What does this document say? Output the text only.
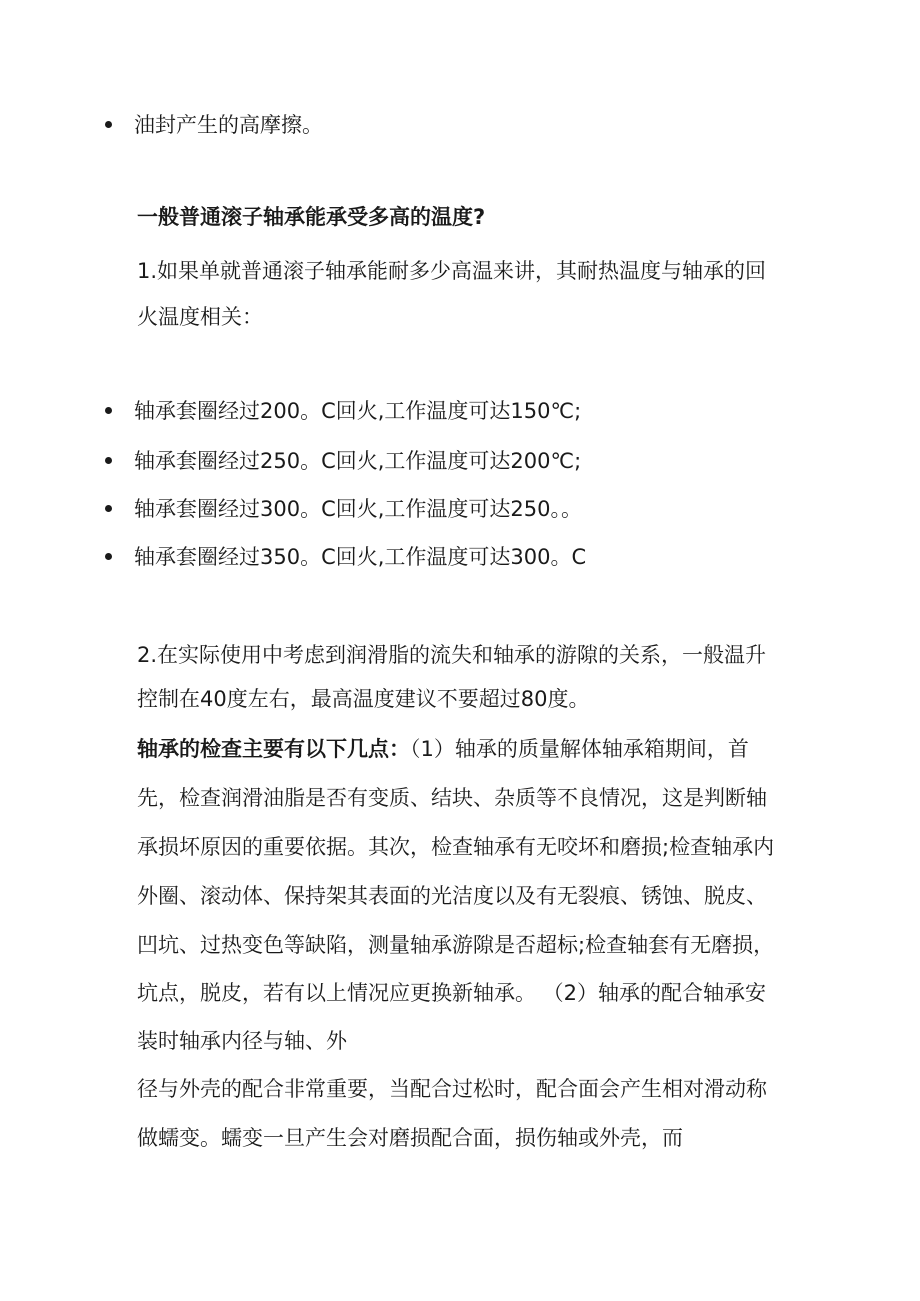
油封产生的高摩擦。
一般普通滚子轴承能承受多高的温度?
1.如果单就普通滚子轴承能耐多少高温来讲，其耐热温度与轴承的回
火温度相关：
轴承套圈经过200。C回火,工作温度可达150℃;
轴承套圈经过250。C回火,工作温度可达200℃;
轴承套圈经过300。C回火,工作温度可达250。。
轴承套圈经过350。C回火,工作温度可达300。C
2.在实际使用中考虑到润滑脂的流失和轴承的游隙的关系，一般温升
控制在40度左右，最高温度建议不要超过80度。
轴承的检查主要有以下几点：（1）轴承的质量解体轴承箱期间，首
先，检查润滑油脂是否有变质、结块、杂质等不良情况，这是判断轴
承损坏原因的重要依据。其次，检查轴承有无咬坏和磨损;检查轴承内
外圈、滚动体、保持架其表面的光洁度以及有无裂痕、锈蚀、脱皮、
凹坑、过热变色等缺陷，测量轴承游隙是否超标;检查轴套有无磨损，
坑点，脱皮，若有以上情况应更换新轴承。 （2）轴承的配合轴承安
装时轴承内径与轴、外
径与外壳的配合非常重要，当配合过松时，配合面会产生相对滑动称
做蠕变。蠕变一旦产生会对磨损配合面，损伤轴或外壳，而
